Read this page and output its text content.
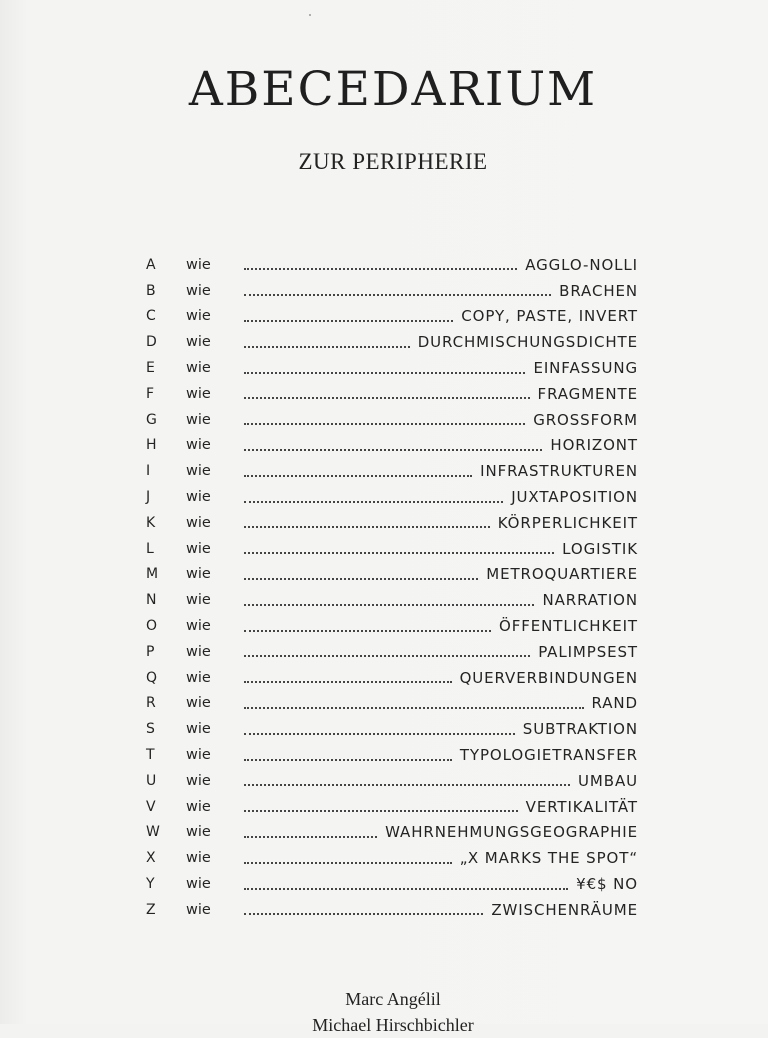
ABECEDARIUM
ZUR PERIPHERIE
A	wie	AGGLO-NOLLI
B	wie	BRACHEN
C	wie	COPY, PASTE, INVERT
D	wie	DURCHMISCHUNGSDICHTE
E	wie	EINFASSUNG
F	wie	FRAGMENTE
G	wie	GROSSFORM
H	wie	HORIZONT
I	wie	INFRASTRUKTUREN
J	wie	JUXTAPOSITION
K	wie	KÖRPERLICHKEIT
L	wie	LOGISTIK
M	wie	METROQUARTIERE
N	wie	NARRATION
O	wie	ÖFFENTLICHKEIT
P	wie	PALIMPSEST
Q	wie	QUERVERBINDUNGEN
R	wie	RAND
S	wie	SUBTRAKTION
T	wie	TYPOLOGIETRANSFER
U	wie	UMBAU
V	wie	VERTIKALITÄT
W	wie	WAHRNEHMUNGSGEOGRAPHIE
X	wie	„X MARKS THE SPOT“
Y	wie	¥€$ NO
Z	wie	ZWISCHENRÄUME
Marc Angélil
Michael Hirschbichler
